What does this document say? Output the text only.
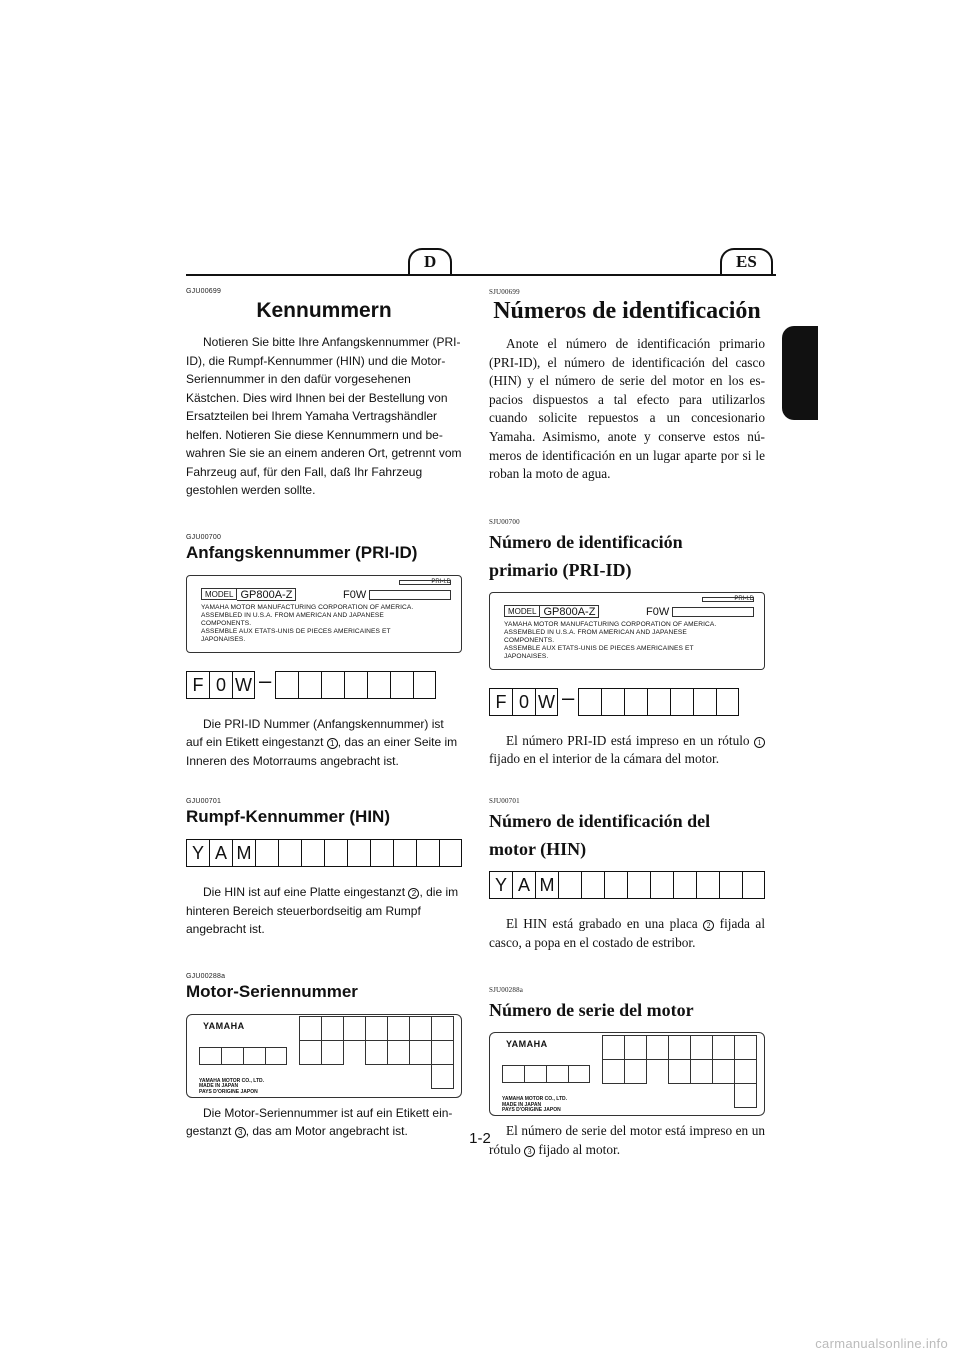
D	ES
GJU00699
Kennummern

Notieren Sie bitte Ihre Anfangskennummer (PRI-ID), die Rumpf-Kennummer (HIN) und die Motor-Seriennummer in den dafür vorgesehenen Kästchen. Dies wird Ihnen bei der Bestellung von Ersatzteilen bei Ihrem Yamaha Vertragshändler helfen. Notieren Sie diese Kennummern und be-wahren Sie sie an einem anderen Ort, getrennt vom Fahrzeug auf, für den Fall, daß Ihr Fahrzeug gestohlen werden sollte.

GJU00700
Anfangskennummer (PRI-ID)
PRI-I.D
MODEL GP800A-Z	F0W
YAMAHA MOTOR MANUFACTURING CORPORATION OF AMERICA.
ASSEMBLED IN U.S.A. FROM AMERICAN AND JAPANESE
COMPONENTS.
ASSEMBLE AUX ETATS-UNIS DE PIECES AMERICAINES ET
JAPONAISES.
F 0 W –

Die PRI-ID Nummer (Anfangskennummer) ist auf ein Etikett eingestanzt 1 , das an einer Seite im Inneren des Motorraums angebracht ist.

GJU00701
Rumpf-Kennummer (HIN)
Y A M

Die HIN ist auf eine Platte eingestanzt 2 , die im hinteren Bereich steuerbordseitig am Rumpf angebracht ist.

GJU00288a
Motor-Seriennummer
YAMAHA
YAMAHA MOTOR CO., LTD.
MADE IN JAPAN
PAYS D'ORIGINE JAPON

Die Motor-Seriennummer ist auf ein Etikett ein-gestanzt 3 , das am Motor angebracht ist.

SJU00699
Números de identificación

Anote el número de identificación primario (PRI-ID), el número de identificación del casco (HIN) y el número de serie del motor en los es-pacios dispuestos a tal efecto para utilizarlos cuando solicite repuestos a un concesionario Yamaha. Asimismo, anote y conserve estos nú-meros de identificación en un lugar aparte por si le roban la moto de agua.

SJU00700
Número de identificación
primario (PRI-ID)
PRI-I.D
MODEL GP800A-Z	F0W
YAMAHA MOTOR MANUFACTURING CORPORATION OF AMERICA.
ASSEMBLED IN U.S.A. FROM AMERICAN AND JAPANESE
COMPONENTS.
ASSEMBLE AUX ETATS-UNIS DE PIECES AMERICAINES ET
JAPONAISES.
F 0 W –

El número PRI-ID está impreso en un rótulo 1 fijado en el interior de la cámara del motor.

SJU00701
Número de identificación del
motor (HIN)
Y A M

El HIN está grabado en una placa 2 fijada al casco, a popa en el costado de estribor.

SJU00288a
Número de serie del motor
YAMAHA
YAMAHA MOTOR CO., LTD.
MADE IN JAPAN
PAYS D'ORIGINE JAPON

El número de serie del motor está impreso en un rótulo 3 fijado al motor.

1-2
carmanualsonline.info
